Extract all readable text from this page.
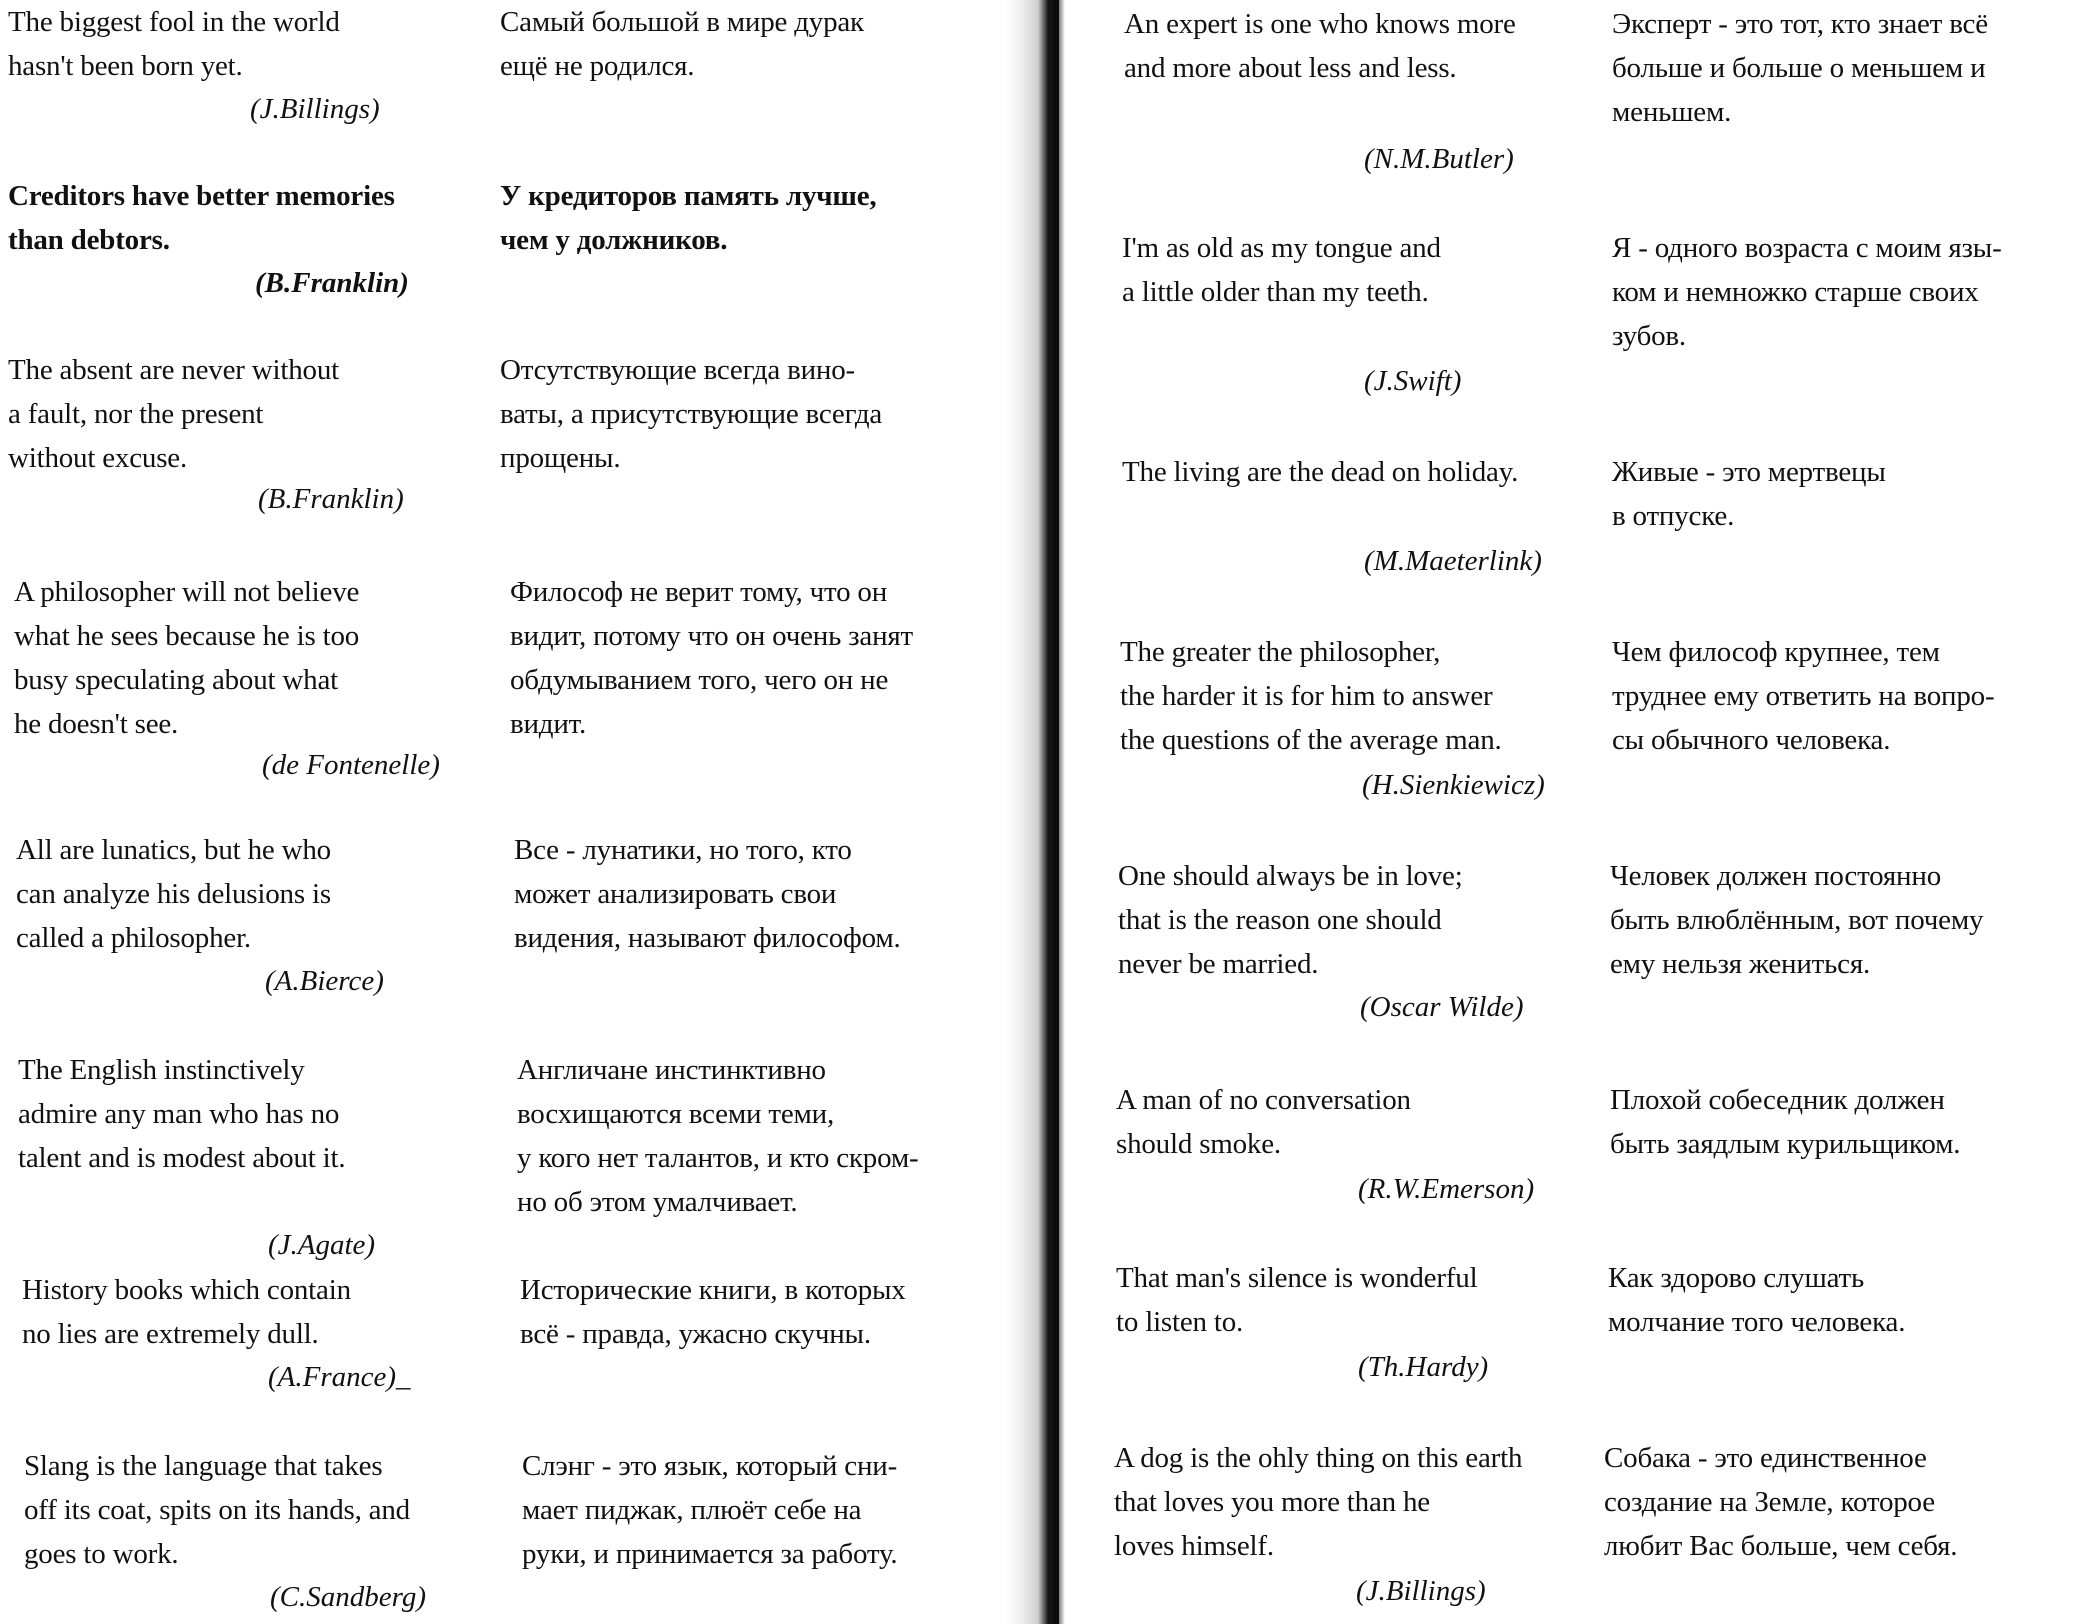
The biggest fool in the world
hasn't been born yet.
Самый большой в мире дурак
ещё не родился.
(J.Billings)
Creditors have better memories
than debtors.
У кредиторов память лучше,
чем у должников.
(B.Franklin)
The absent are never without
a fault, nor the present
without excuse.
Отсутствующие всегда вино-
ваты, а присутствующие всегда
прощены.
(B.Franklin)
A philosopher will not believe
what he sees because he is too
busy speculating about what
he doesn't see.
Философ не верит тому, что он
видит, потому что он очень занят
обдумыванием того, чего он не
видит.
(de Fontenelle)
All are lunatics, but he who
can analyze his delusions is
called a philosopher.
Все - лунатики, но того, кто
может анализировать свои
видения, называют философом.
(A.Bierce)
The English instinctively
admire any man who has no
talent and is modest about it.
Англичане инстинктивно
восхищаются всеми теми,
у кого нет талантов, и кто скром-
но об этом умалчивает.
(J.Agate)
History books which contain
no lies are extremely dull.
Исторические книги, в которых
всё - правда, ужасно скучны.
(A.France)_
Slang is the language that takes
off its coat, spits on its hands, and
goes to work.
Слэнг - это язык, который сни-
мает пиджак, плюёт себе на
руки, и принимается за работу.
(C.Sandberg)
An expert is one who knows more
and more about less and less.
Эксперт - это тот, кто знает всё
больше и больше о меньшем и
меньшем.
(N.M.Butler)
I'm as old as my tongue and
a little older than my teeth.
Я - одного возраста с моим язы-
ком и немножко старше своих
зубов.
(J.Swift)
The living are the dead on holiday.	Живые - это мертвецы
в отпуске.
(M.Maeterlink)
The greater the philosopher,
the harder it is for him to answer
the questions of the average man.
Чем философ крупнее, тем
труднее ему ответить на вопро-
сы обычного человека.
(H.Sienkiewicz)
One should always be in love;
that is the reason one should
never be married.
Человек должен постоянно
быть влюблённым, вот почему
ему нельзя жениться.
(Oscar Wilde)
A man of no conversation
should smoke.
Плохой собеседник должен
быть заядлым курильщиком.
(R.W.Emerson)
That man's silence is wonderful
to listen to.
Как здорово слушать
молчание того человека.
(Th.Hardy)
A dog is the ohly thing on this earth
that loves you more than he
loves himself.
Собака - это единственное
создание на Земле, которое
любит Вас больше, чем себя.
(J.Billings)
